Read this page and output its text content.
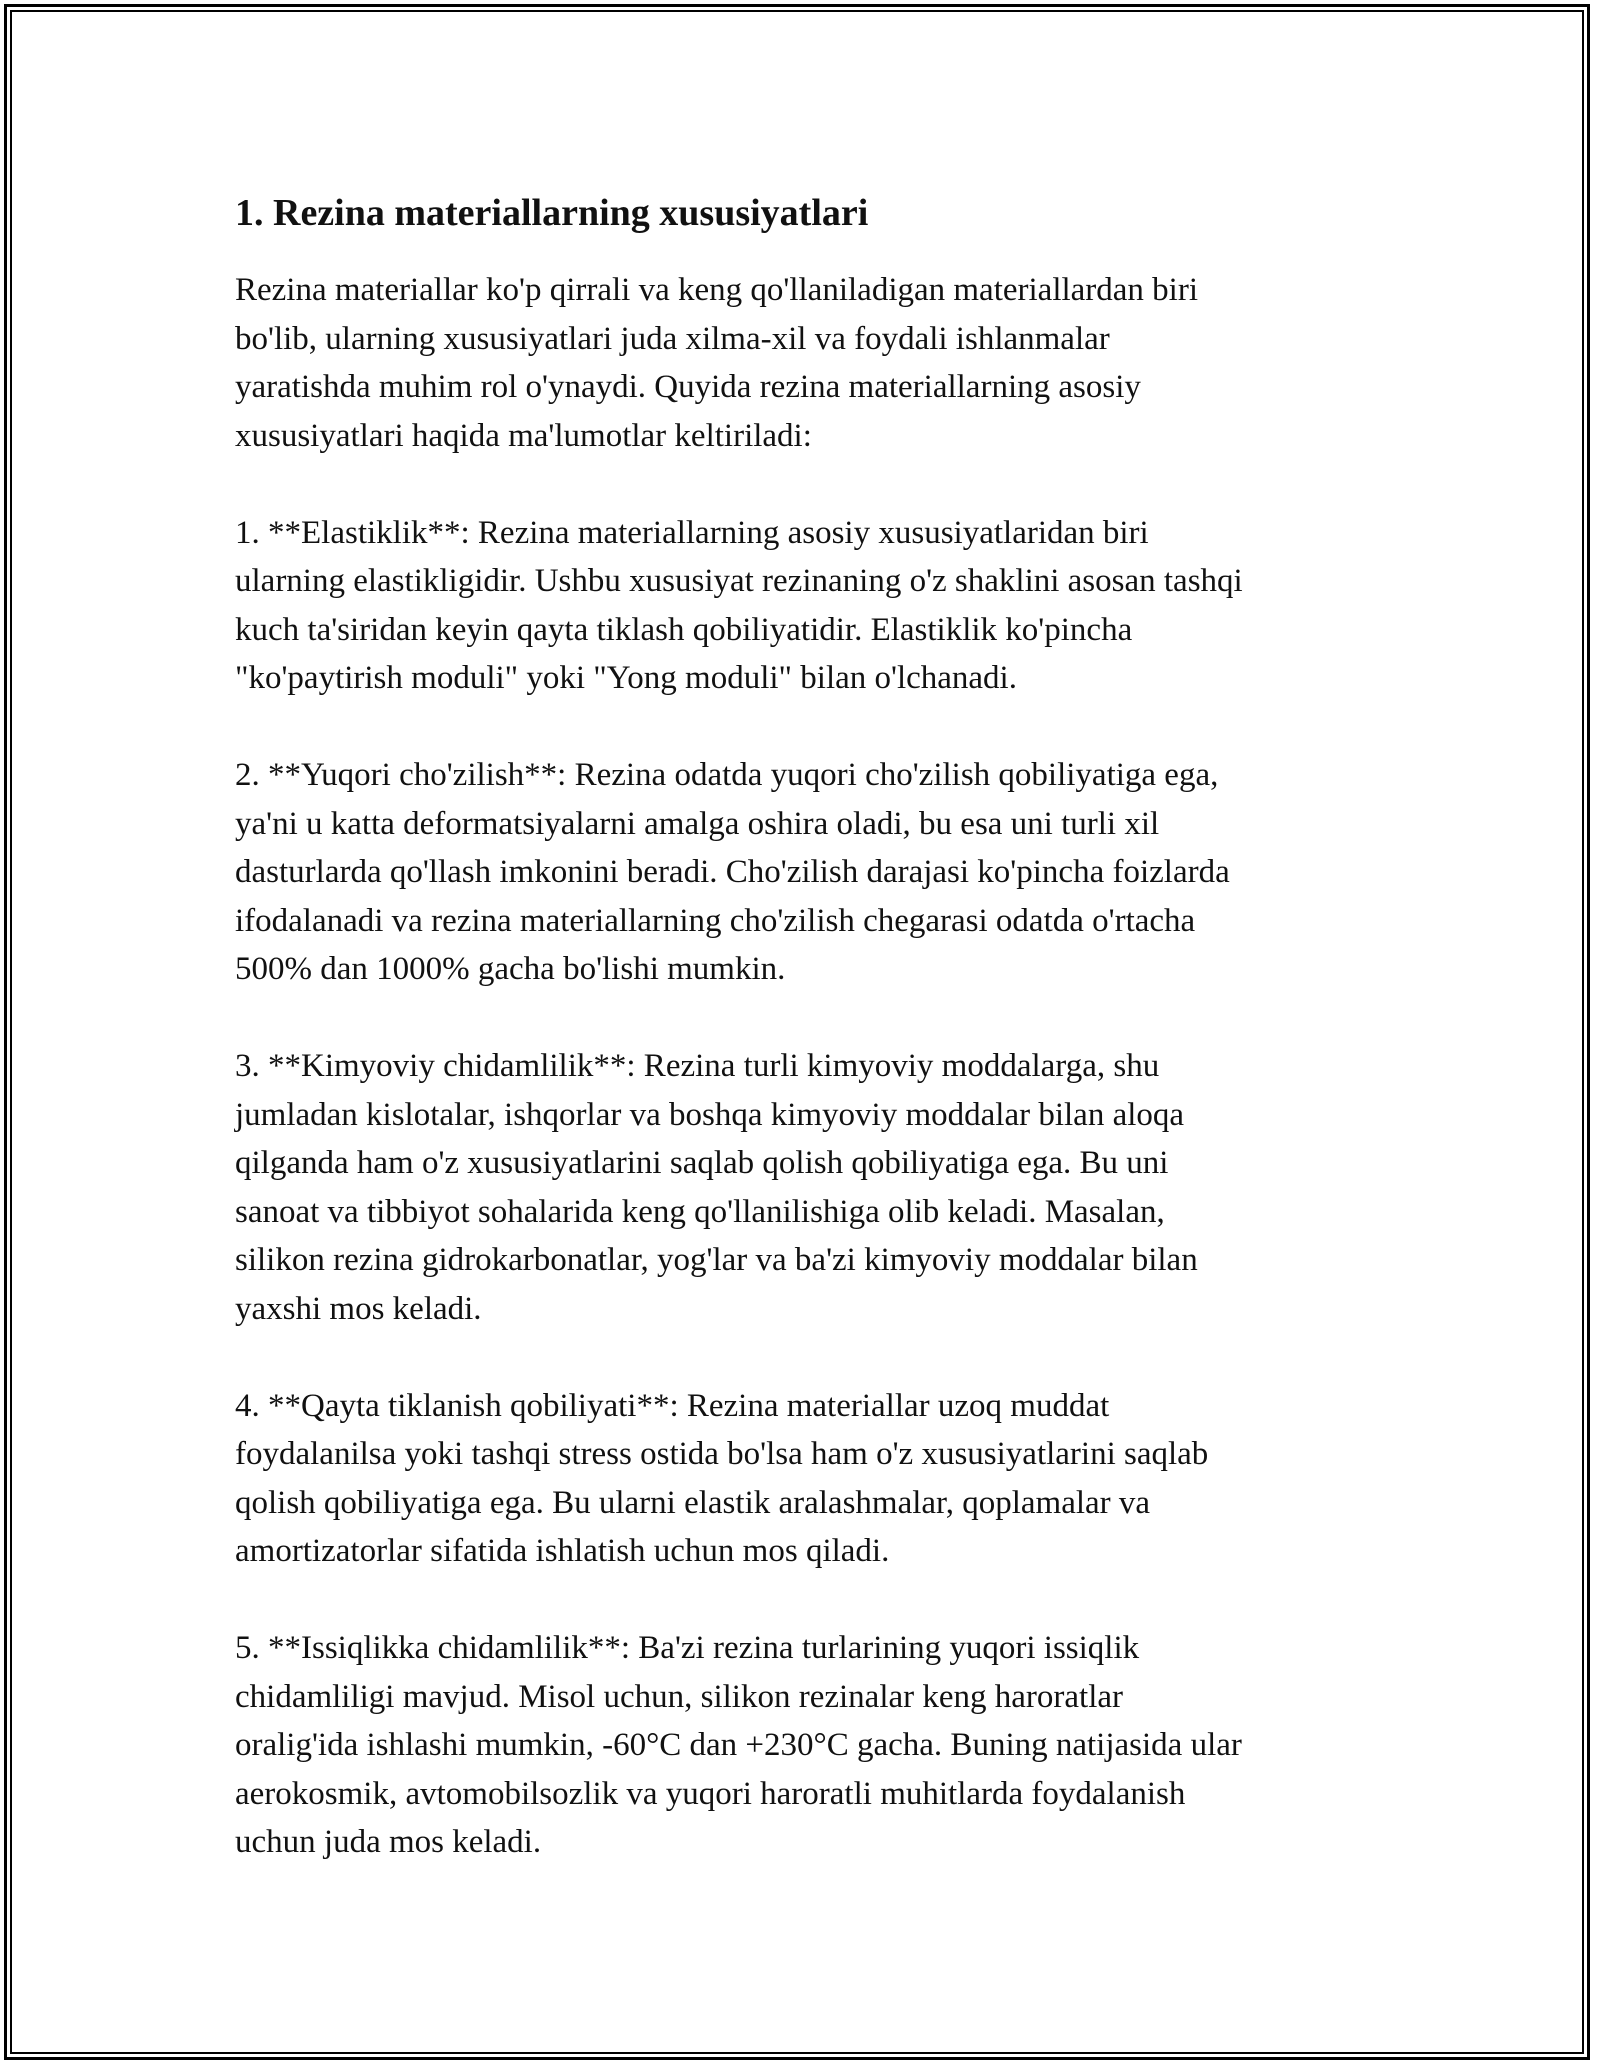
1. Rezina materiallarning xususiyatlari

Rezina materiallar ko'p qirrali va keng qo'llaniladigan materiallardan biri
bo'lib, ularning xususiyatlari juda xilma-xil va foydali ishlanmalar
yaratishda muhim rol o'ynaydi. Quyida rezina materiallarning asosiy
xususiyatlari haqida ma'lumotlar keltiriladi:

1. **Elastiklik**: Rezina materiallarning asosiy xususiyatlaridan biri
ularning elastikligidir. Ushbu xususiyat rezinaning o'z shaklini asosan tashqi
kuch ta'siridan keyin qayta tiklash qobiliyatidir. Elastiklik ko'pincha
"ko'paytirish moduli" yoki "Yong moduli" bilan o'lchanadi.

2. **Yuqori cho'zilish**: Rezina odatda yuqori cho'zilish qobiliyatiga ega,
ya'ni u katta deformatsiyalarni amalga oshira oladi, bu esa uni turli xil
dasturlarda qo'llash imkonini beradi. Cho'zilish darajasi ko'pincha foizlarda
ifodalanadi va rezina materiallarning cho'zilish chegarasi odatda o'rtacha
500% dan 1000% gacha bo'lishi mumkin.

3. **Kimyoviy chidamlilik**: Rezina turli kimyoviy moddalarga, shu
jumladan kislotalar, ishqorlar va boshqa kimyoviy moddalar bilan aloqa
qilganda ham o'z xususiyatlarini saqlab qolish qobiliyatiga ega. Bu uni
sanoat va tibbiyot sohalarida keng qo'llanilishiga olib keladi. Masalan,
silikon rezina gidrokarbonatlar, yog'lar va ba'zi kimyoviy moddalar bilan
yaxshi mos keladi.

4. **Qayta tiklanish qobiliyati**: Rezina materiallar uzoq muddat
foydalanilsa yoki tashqi stress ostida bo'lsa ham o'z xususiyatlarini saqlab
qolish qobiliyatiga ega. Bu ularni elastik aralashmalar, qoplamalar va
amortizatorlar sifatida ishlatish uchun mos qiladi.

5. **Issiqlikka chidamlilik**: Ba'zi rezina turlarining yuqori issiqlik
chidamliligi mavjud. Misol uchun, silikon rezinalar keng haroratlar
oralig'ida ishlashi mumkin, -60°C dan +230°C gacha. Buning natijasida ular
aerokosmik, avtomobilsozlik va yuqori haroratli muhitlarda foydalanish
uchun juda mos keladi.
